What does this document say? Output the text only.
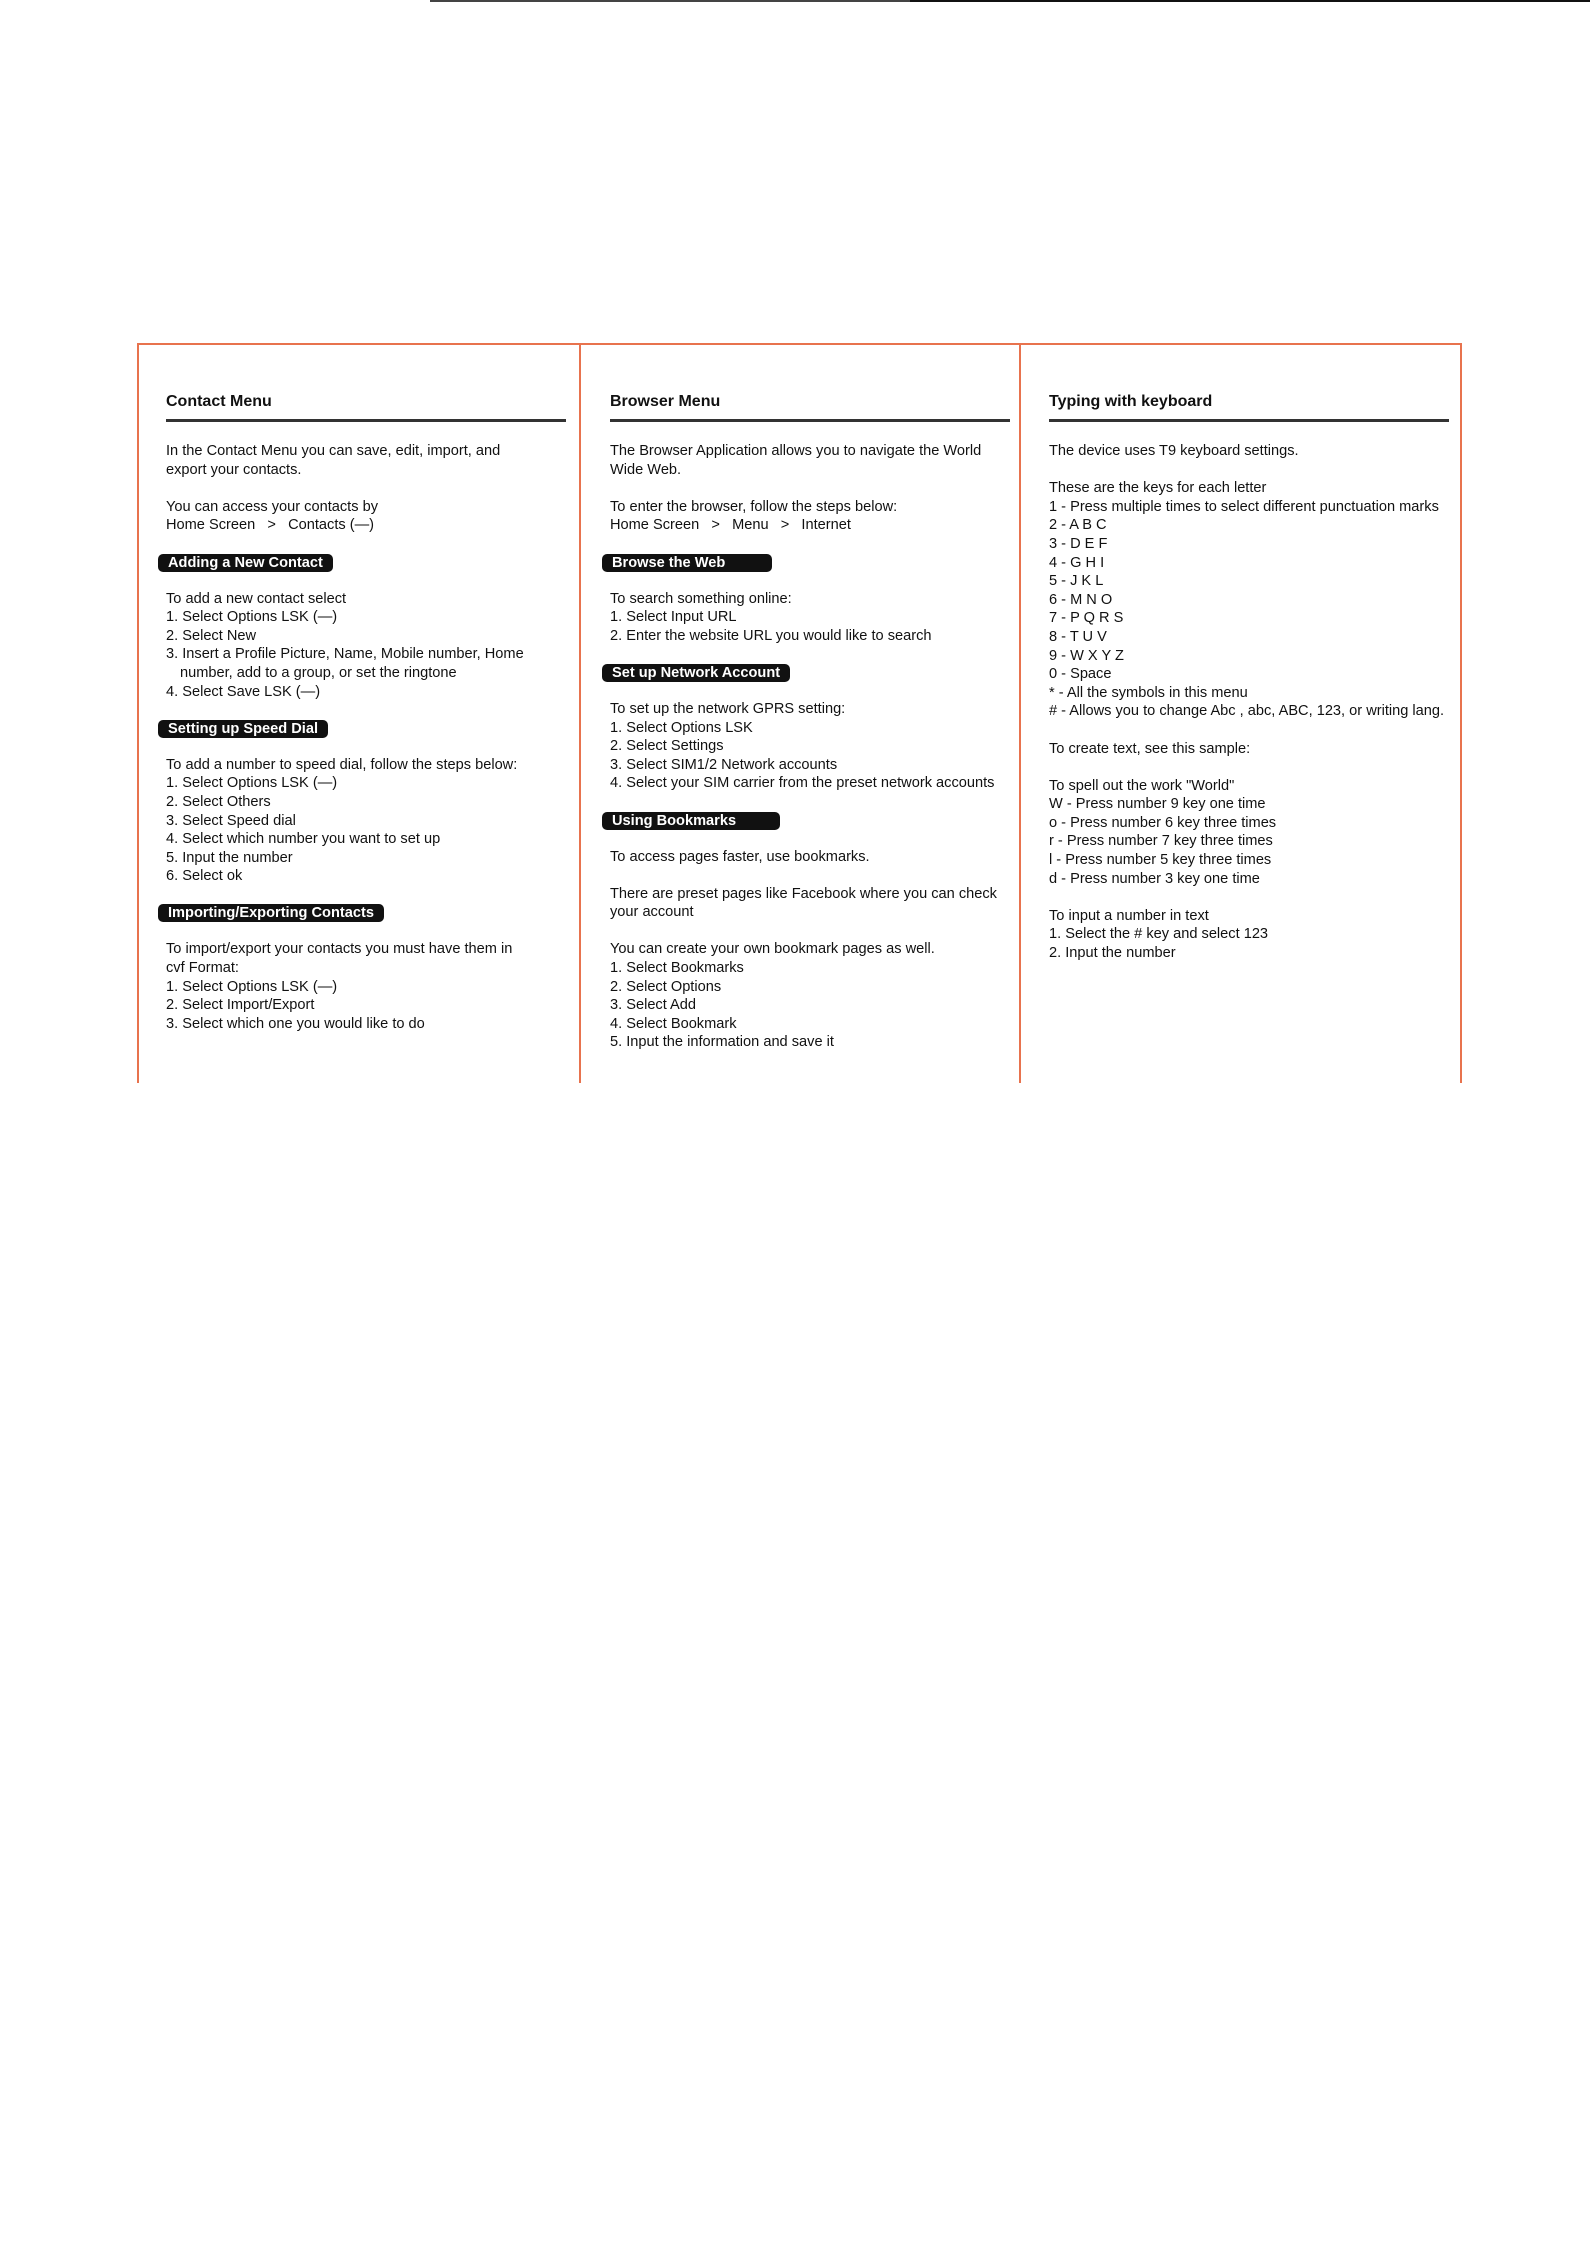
Contact Menu
In the Contact Menu you can save, edit, import, and
export your contacts.
You can access your contacts by
Home Screen   >   Contacts (—)
Adding a New Contact
To add a new contact select
1. Select Options LSK (—)
2. Select New
3. Insert a Profile Picture, Name, Mobile number, Home
number, add to a group, or set the ringtone
4. Select Save LSK (—)
Setting up Speed Dial
To add a number to speed dial, follow the steps below:
1. Select Options LSK (—)
2. Select Others
3. Select Speed dial
4. Select which number you want to set up
5. Input the number
6. Select ok
Importing/Exporting Contacts
To import/export your contacts you must have them in
cvf Format:
1. Select Options LSK (—)
2. Select Import/Export
3. Select which one you would like to do
Browser Menu
The Browser Application allows you to navigate the World
Wide Web.
To enter the browser, follow the steps below:
Home Screen   >   Menu   >   Internet
Browse the Web
To search something online:
1. Select Input URL
2. Enter the website URL you would like to search
Set up Network Account
To set up the network GPRS setting:
1. Select Options LSK
2. Select Settings
3. Select SIM1/2 Network accounts
4. Select your SIM carrier from the preset network accounts
Using Bookmarks
To access pages faster, use bookmarks.
There are preset pages like Facebook where you can check
your account
You can create your own bookmark pages as well.
1. Select Bookmarks
2. Select Options
3. Select Add
4. Select Bookmark
5. Input the information and save it
Typing with keyboard
The device uses T9 keyboard settings.
These are the keys for each letter
1 - Press multiple times to select different punctuation marks
2 - A B C
3 - D E F
4 - G H I
5 - J K L
6 - M N O
7 - P Q R S
8 - T U V
9 - W X Y Z
0 - Space
* - All the symbols in this menu
# - Allows you to change Abc , abc, ABC, 123, or writing lang.
To create text, see this sample:
To spell out the work "World"
W - Press number 9 key one time
o - Press number 6 key three times
r - Press number 7 key three times
l - Press number 5 key three times
d - Press number 3 key one time
To input a number in text
1. Select the # key and select 123
2. Input the number
